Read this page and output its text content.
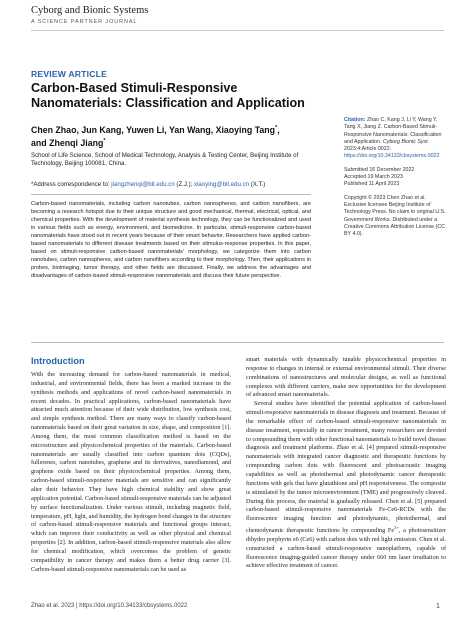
Cyborg and Bionic Systems
A SCIENCE PARTNER JOURNAL
REVIEW ARTICLE
Carbon-Based Stimuli-Responsive Nanomaterials: Classification and Application
Chen Zhao, Jun Kang, Yuwen Li, Yan Wang, Xiaoying Tang*,
and Zhenqi Jiang*
School of Life Science, School of Medical Technology, Analysis & Testing Center, Beijing Institute of Technology, Beijing 100081, China.
*Address correspondence to: jiangzhenqi@bit.edu.cn (Z.J.); xiaoying@bit.edu.cn (X.T.)
Carbon-based nanomaterials, including carbon nanotubes, carbon nanospheres, and carbon nanofibers, are becoming a research hotspot due to their unique structure and good mechanical, thermal, electrical, optical, and chemical properties. With the development of material synthesis technology, they can be functionalized and used in various fields such as energy, environment, and biomedicine. In particular, stimuli-responsive carbon-based nanomaterials have stood out in recent years because of their smart behavior. Researchers have applied carbon-based nanomaterials to different disease treatments based on their stimulus-response properties. In this paper, based on stimuli-responsive carbon-based nanomaterials' morphology, we categorize them into carbon nanotubes, carbon nanospheres, and carbon nanofibers according to their morphology. Then, their applications in probes, bioimaging, tumor therapy, and other fields are discussed. Finally, we address the advantages and disadvantages of carbon-based stimuli-responsive nanomaterials and discuss their future perspective.
Citation: Zhao C, Kang J, Li Y, Wang Y, Tang X, Jiang Z. Carbon-Based Stimuli-Responsive Nanomaterials: Classification and Application. Cyborg Bionic Syst. 2023;4:Article 0022. https://doi.org/10.34133/cbsystems.0022
Submitted 16 December 2022
Accepted 19 March 2023
Published 11 April 2023
Copyright © 2023 Chen Zhao et al. Exclusive licensee Beijing Institute of Technology Press. No claim to original U.S. Government Works. Distributed under a Creative Commons Attribution License (CC BY 4.0).
Introduction

With the increasing demand for carbon-based nanomaterials in medical, industrial, and environmental fields, there has been a marked increase in the synthesis methods and applications of novel carbon-based nanomaterials in recent decades. In practical applications, carbon-based nanomaterials have attracted much attention because of their wide distribution, low synthesis cost, and simple synthesis method. There are many ways to classify carbon-based nanomaterials based on their great variation in size, shape, and composition [1]. Among them, the most common classification method is based on the microstructure and physicochemical properties of the materials. Carbon-based nanomaterials are usually classified into carbon quantum dots (CQDs), fullerenes, carbon nanotubes, graphene and its derivatives, nanodiamond, and graphene oxide based on their physicochemical properties. Among them, carbon-based stimuli-responsive materials are sensitive and can significantly alter their behavior. They have high chemical stability and show great application potential. Carbon-based stimuli-responsive materials can be adjusted by surface functionalization. Under various stimuli, including magnetic field, temperature, pH, light, and humidity, the hydrogen bond changes in the structure of carbon-based stimuli-responsive materials and functional groups interact, which can improve their conductivity as well as other physical and chemical properties [2]. In addition, carbon-based stimuli-responsive materials also allow for chemical modification, which overcomes the problem of genetic compatibility in cancer therapy and makes them a better drug carrier [3]. Carbon-based stimuli-responsive nanomaterials can be used as

smart materials with dynamically tunable physicochemical properties in response to changes in internal or external environmental stimuli. Their diverse combinations of nanostructures and molecular designs, as well as functional complexes with different carriers, make new opportunities for the development of advanced smart nanomaterials.

Several studies have identified the potential application of carbon-based stimuli-responsive nanomaterials in disease diagnosis and treatment. Because of the remarkable effect of carbon-based stimuli-responsive nanomaterials in disease treatment, especially in cancer treatment, many researchers are devoted to compounding them with other functional nanomaterials to build novel disease diagnosis and treatment platforms. Zhao et al. [4] prepared stimuli-responsive nanomaterials with integrated cancer diagnostic and therapeutic functions by compounding carbon dots with fluorescent and photoacoustic imaging capabilities as well as photothermal and photodynamic cancer therapeutic functions with gels that have glutathione and pH responsiveness. The composite is stimulated by the tumor microenvironment (TME) and progressively cleaved. During this process, the material is gradually released. Chen et al. [5] prepared carbon-based stimuli-responsive nanomaterials Fe-Ce6-RCDs with the fluorescence imaging function and photodynamic, photothermal, and chemodynamic therapeutic functions by compounding $Fe^{3+}$, a photosensitizer dihydro porphyrin e6 (Ce6) with carbon dots with red light emission. Chen et al. constructed a carbon-based stimuli-responsive nanoplatform, capable of fluorescence imaging-guided cancer therapy under 660 nm laser irradiation to achieve effective treatment of cancer.

Zhao et al. 2023 | https://doi.org/10.34133/cbsystems.0022	1
